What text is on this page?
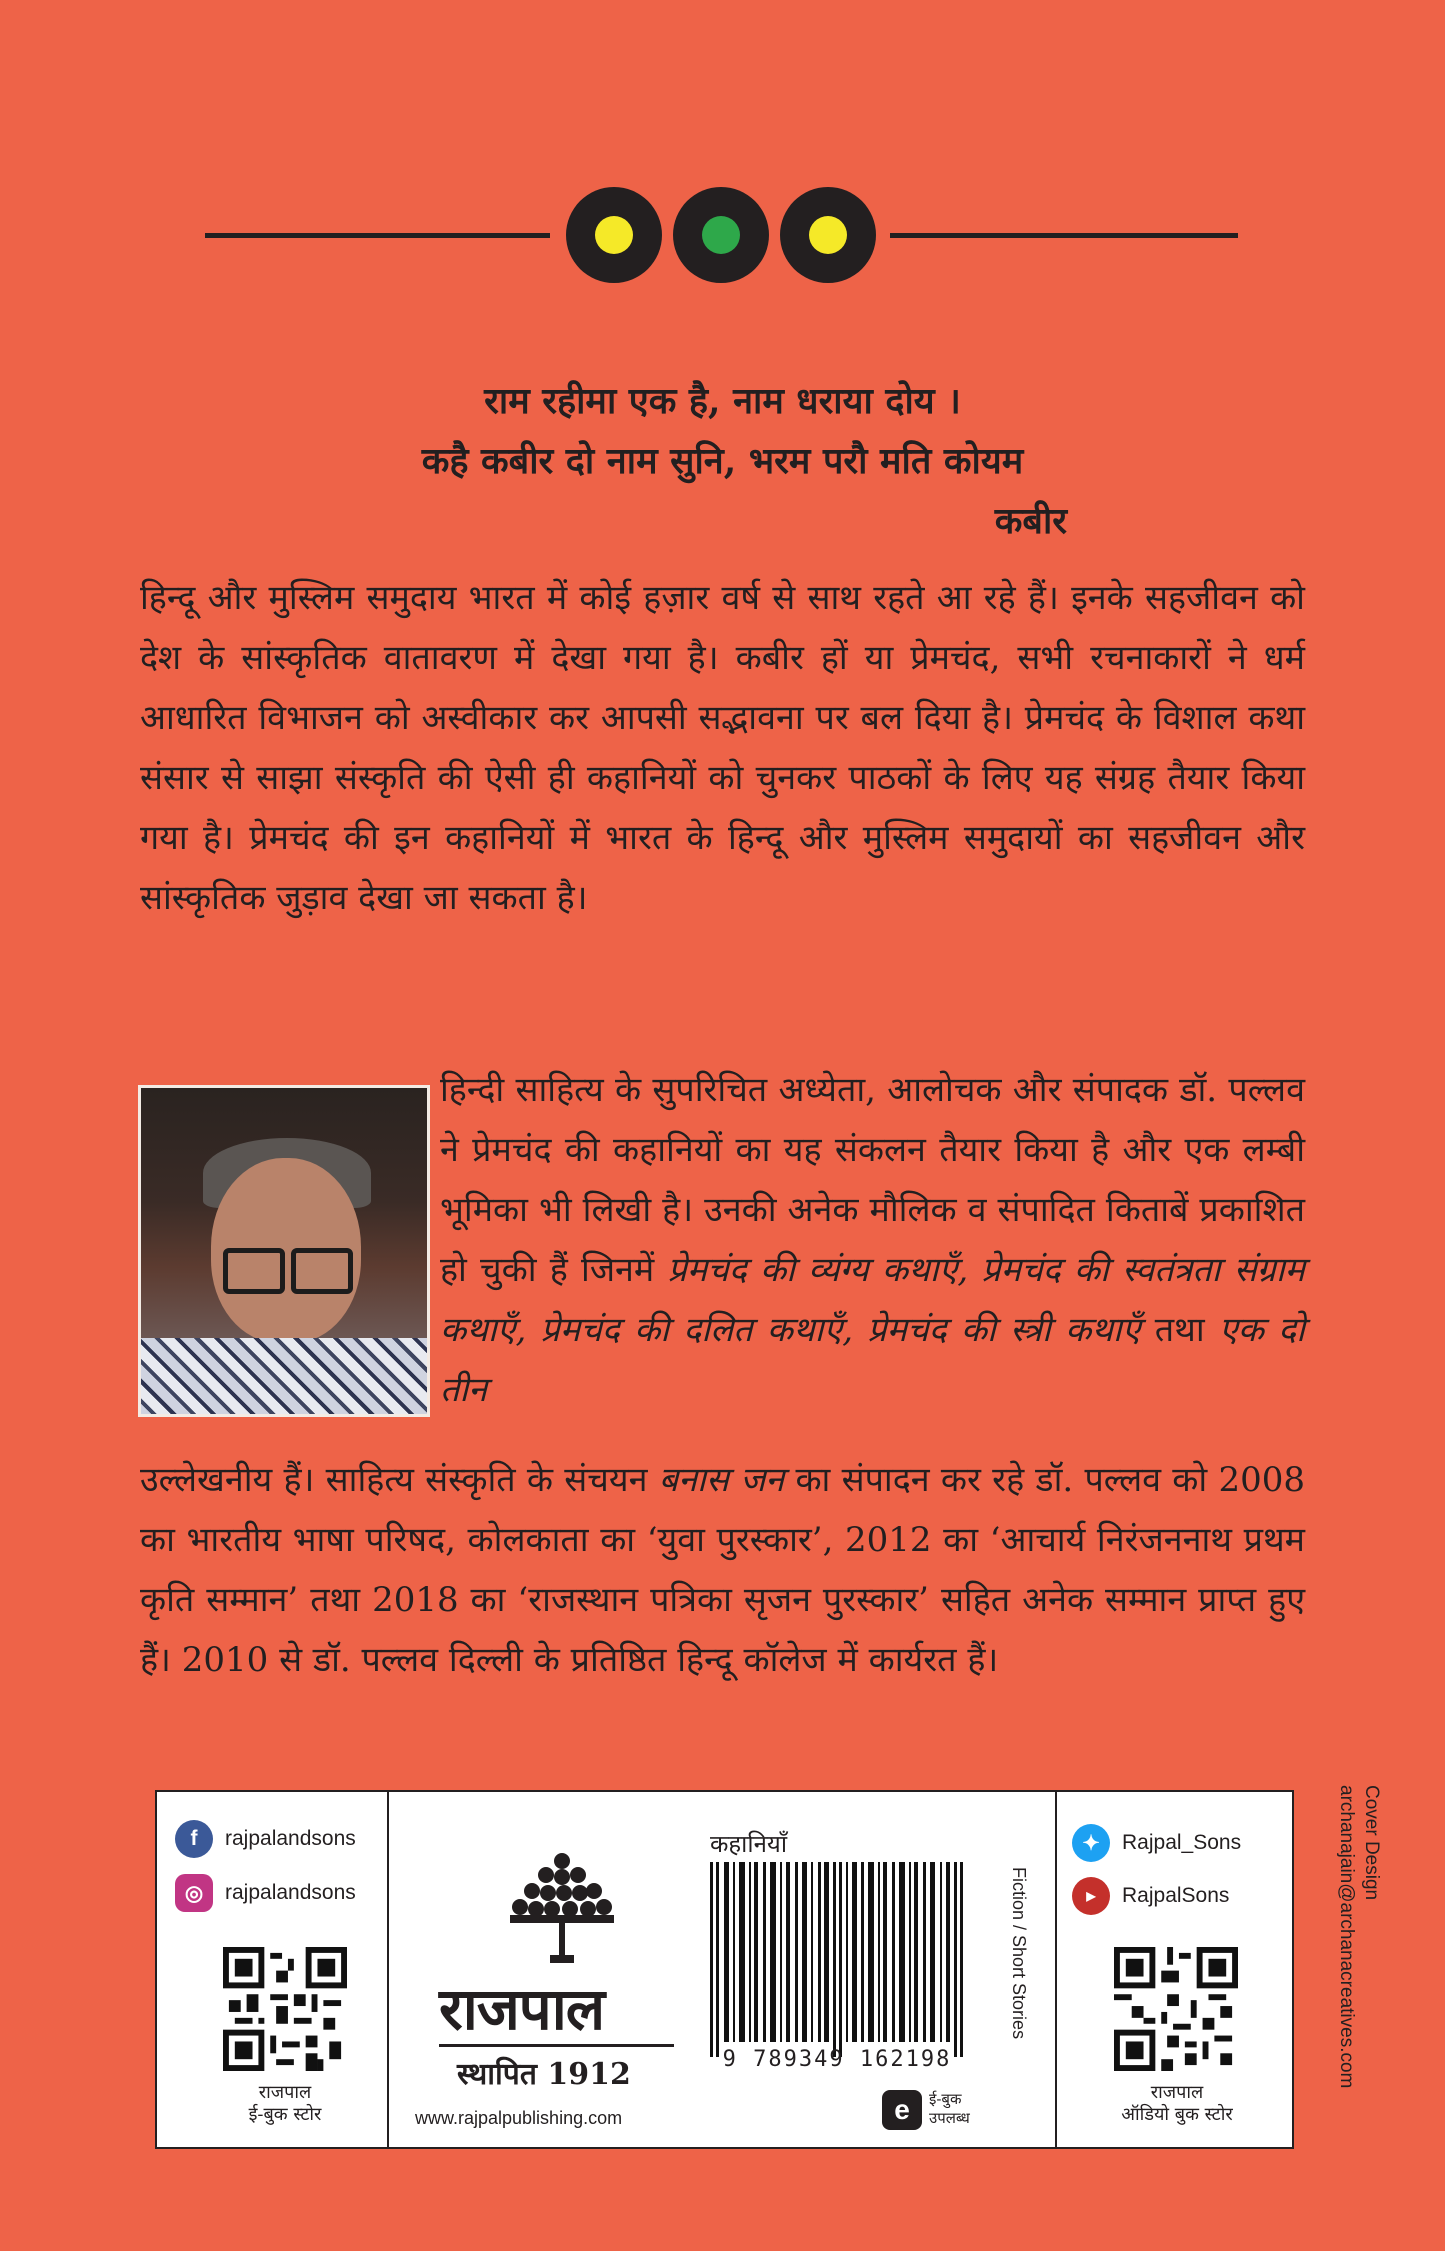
राम रहीमा एक है, नाम धराया दोय ।
कहै कबीर दो नाम सुनि, भरम परौ मति कोयम
कबीर

हिन्दू और मुस्लिम समुदाय भारत में कोई हज़ार वर्ष से साथ रहते आ रहे हैं। इनके सहजीवन को देश के सांस्कृतिक वातावरण में देखा गया है। कबीर हों या प्रेमचंद, सभी रचनाकारों ने धर्म आधारित विभाजन को अस्वीकार कर आपसी सद्भावना पर बल दिया है। प्रेमचंद के विशाल कथा संसार से साझा संस्कृति की ऐसी ही कहानियों को चुनकर पाठकों के लिए यह संग्रह तैयार किया गया है। प्रेमचंद की इन कहानियों में भारत के हिन्दू और मुस्लिम समुदायों का सहजीवन और सांस्कृतिक जुड़ाव देखा जा सकता है।

हिन्दी साहित्य के सुपरिचित अध्येता, आलोचक और संपादक डॉ. पल्लव ने प्रेमचंद की कहानियों का यह संकलन तैयार किया है और एक लम्बी भूमिका भी लिखी है। उनकी अनेक मौलिक व संपादित किताबें प्रकाशित हो चुकी हैं जिनमें प्रेमचंद की व्यंग्य कथाएँ, प्रेमचंद की स्वतंत्रता संग्राम कथाएँ, प्रेमचंद की दलित कथाएँ, प्रेमचंद की स्त्री कथाएँ तथा एक दो तीन

उल्लेखनीय हैं। साहित्य संस्कृति के संचयन बनास जन का संपादन कर रहे डॉ. पल्लव को 2008 का भारतीय भाषा परिषद, कोलकाता का ‘युवा पुरस्कार’, 2012 का ‘आचार्य निरंजननाथ प्रथम कृति सम्मान’ तथा 2018 का ‘राजस्थान पत्रिका सृजन पुरस्कार’ सहित अनेक सम्मान प्राप्त हुए हैं। 2010 से डॉ. पल्लव दिल्ली के प्रतिष्ठित हिन्दू कॉलेज में कार्यरत हैं।

f	rajpalandsons
◎	rajpalandsons
राजपाल
ई-बुक स्टोर
राजपाल
स्थापित 1912
www.rajpalpublishing.com
कहानियाँ
9 789349 162198
Fiction / Short Stories
e	ई-बुक
उपलब्ध
✦	Rajpal_Sons
▶	RajpalSons
राजपाल
ऑडियो बुक स्टोर
Cover Design
archanajain@archanacreatives.com
